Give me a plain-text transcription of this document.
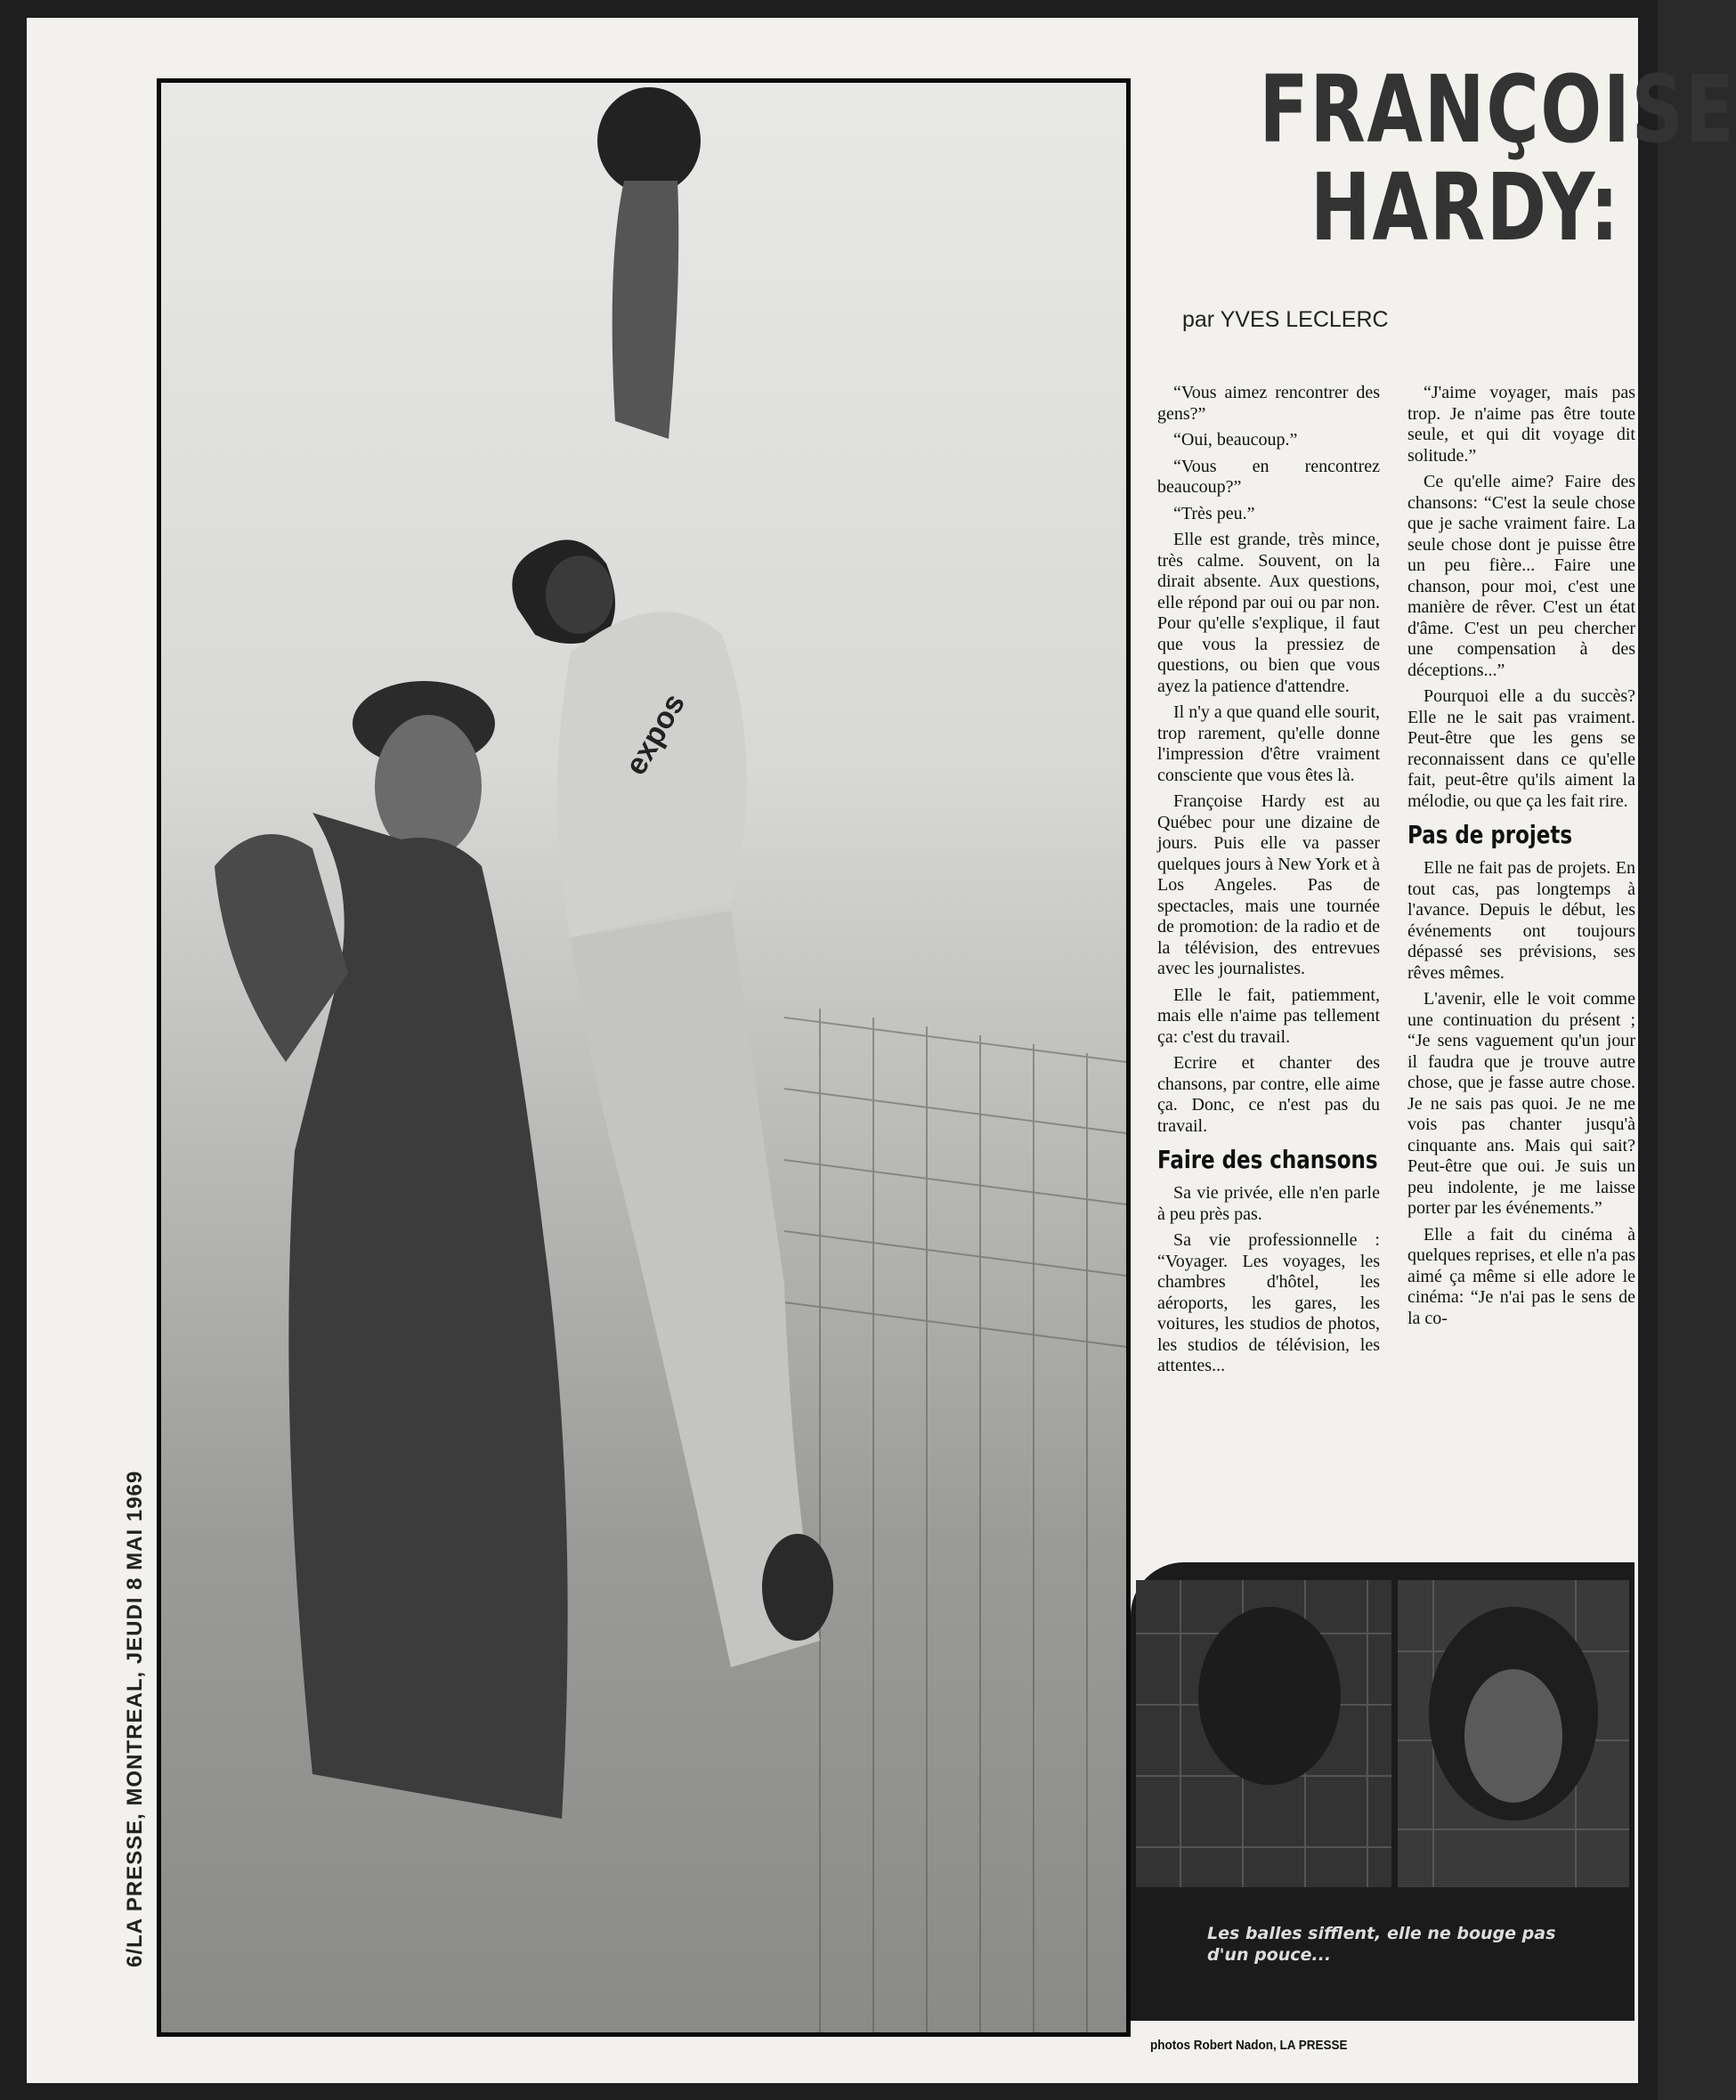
expos
6/LA PRESSE, MONTREAL, JEUDI 8 MAI 1969
FRANÇOISE
HARDY:
par YVES LECLERC

“Vous aimez rencontrer des gens?”

“Oui, beaucoup.”

“Vous en rencontrez beaucoup?”

“Très peu.”

Elle est grande, très mince, très calme. Souvent, on la dirait absente. Aux questions, elle répond par oui ou par non. Pour qu'elle s'explique, il faut que vous la pressiez de questions, ou bien que vous ayez la patience d'attendre.

Il n'y a que quand elle sourit, trop rarement, qu'elle donne l'impression d'être vraiment consciente que vous êtes là.

Françoise Hardy est au Québec pour une dizaine de jours. Puis elle va passer quelques jours à New York et à Los Angeles. Pas de spectacles, mais une tournée de promotion: de la radio et de la télévision, des entrevues avec les journalistes.

Elle le fait, patiemment, mais elle n'aime pas tellement ça: c'est du travail.

Ecrire et chanter des chansons, par contre, elle aime ça. Donc, ce n'est pas du travail.

Faire des chansons

Sa vie privée, elle n'en parle à peu près pas.

Sa vie professionnelle : “Voyager. Les voyages, les chambres d'hôtel, les aéroports, les gares, les voitures, les studios de photos, les studios de télévision, les attentes...

“J'aime voyager, mais pas trop. Je n'aime pas être toute seule, et qui dit voyage dit solitude.”

Ce qu'elle aime? Faire des chansons: “C'est la seule chose que je sache vraiment faire. La seule chose dont je puisse être un peu fière... Faire une chanson, pour moi, c'est une manière de rêver. C'est un état d'âme. C'est un peu chercher une compensation à des déceptions...”

Pourquoi elle a du succès? Elle ne le sait pas vraiment. Peut-être que les gens se reconnaissent dans ce qu'elle fait, peut-être qu'ils aiment la mélodie, ou que ça les fait rire.

Pas de projets

Elle ne fait pas de projets. En tout cas, pas longtemps à l'avance. Depuis le début, les événements ont toujours dépassé ses prévisions, ses rêves mêmes.

L'avenir, elle le voit comme une continuation du présent ; “Je sens vaguement qu'un jour il faudra que je trouve autre chose, que je fasse autre chose. Je ne sais pas quoi. Je ne me vois pas chanter jusqu'à cinquante ans. Mais qui sait? Peut-être que oui. Je suis un peu indolente, je me laisse porter par les événements.”

Elle a fait du cinéma à quelques reprises, et elle n'a pas aimé ça même si elle adore le cinéma: “Je n'ai pas le sens de la co-

Les balles sifflent, elle ne bouge pas d'un pouce...
photos Robert Nadon, LA PRESSE
